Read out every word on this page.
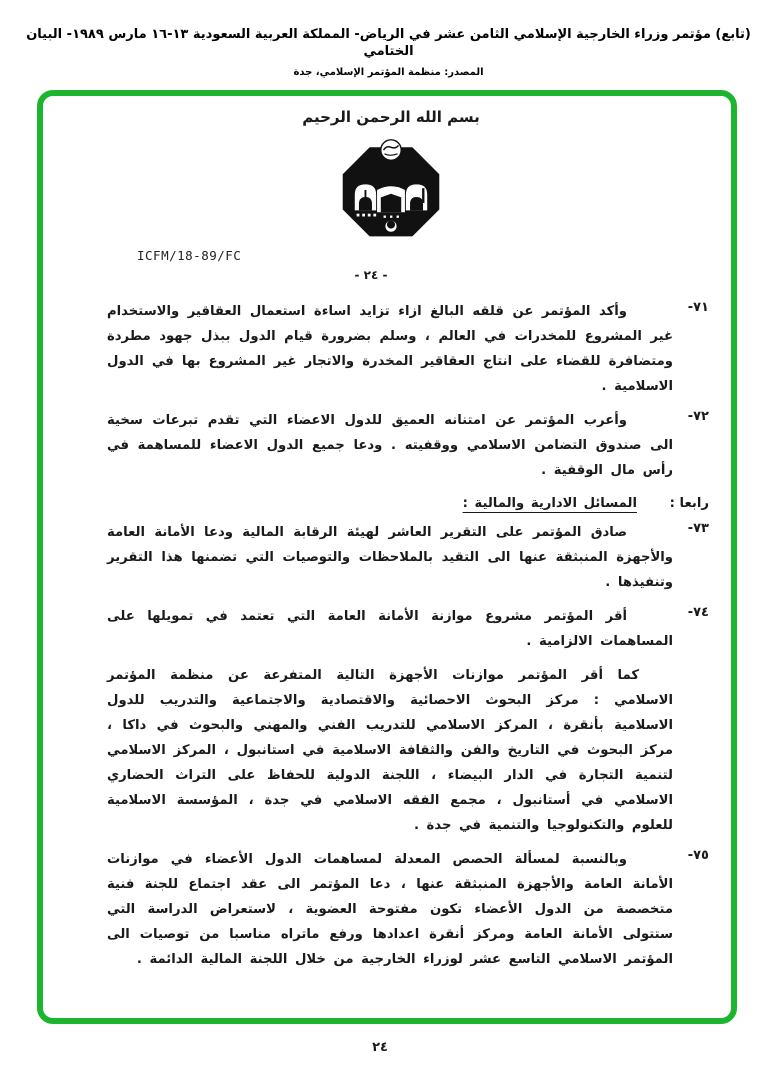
(تابع) مؤتمر وزراء الخارجية الإسلامي الثامن عشر في الرياض- المملكة العربية السعودية ١٣-١٦ مارس ١٩٨٩- البيان الختامي
المصدر: منظمة المؤتمر الإسلامي، جدة
بسم الله الرحمن الرحيم
ICFM/18-89/FC
- ٢٤ -
٧١-

وأكد المؤتمر عن قلقه البالغ ازاء تزايد اساءة استعمال العقاقير والاستخدام غير المشروع للمخدرات في العالم ، وسلم بضرورة قيام الدول ببذل جهود مطردة ومتضافرة للقضاء على انتاج العقاقير المخدرة والاتجار غير المشروع بها في الدول الاسلامية .

٧٢-

وأعرب المؤتمر عن امتنانه العميق للدول الاعضاء التي تقدم تبرعات سخية الى صندوق التضامن الاسلامي ووقفيته . ودعا جميع الدول الاعضاء للمساهمة في رأس مال الوقفية .

رابعا :
المسائل الادارية والمالية :
٧٣-

صادق المؤتمر على التقرير العاشر لهيئة الرقابة المالية ودعا الأمانة العامة والأجهزة المنبثقة عنها الى التقيد بالملاحظات والتوصيات التي تضمنها هذا التقرير وتنفيذها .

٧٤-

أقر المؤتمر مشروع موازنة الأمانة العامة التي تعتمد في تمويلها على المساهمات الالزامية .

كما أقر المؤتمر موازنات الأجهزة التالية المتفرعة عن منظمة المؤتمر الاسلامي : مركز البحوث الاحصائية والاقتصادية والاجتماعية والتدريب للدول الاسلامية بأنقرة ، المركز الاسلامي للتدريب الفني والمهني والبحوث في داكا ، مركز البحوث في التاريخ والفن والثقافة الاسلامية في استانبول ، المركز الاسلامي لتنمية التجارة في الدار البيضاء ، اللجنة الدولية للحفاظ على التراث الحضاري الاسلامي في أستانبول ، مجمع الفقه الاسلامي في جدة ، المؤسسة الاسلامية للعلوم والتكنولوجيا والتنمية في جدة .

٧٥-

وبالنسبة لمسألة الحصص المعدلة لمساهمات الدول الأعضاء في موازنات الأمانة العامة والأجهزة المنبثقة عنها ، دعا المؤتمر الى عقد اجتماع للجنة فنية متخصصة من الدول الأعضاء تكون مفتوحة العضوية ، لاستعراض الدراسة التي ستتولى الأمانة العامة ومركز أنقرة اعدادها ورفع ماتراه مناسبا من توصيات الى المؤتمر الاسلامي التاسع عشر لوزراء الخارجية من خلال اللجنة المالية الدائمة .

٢٤
